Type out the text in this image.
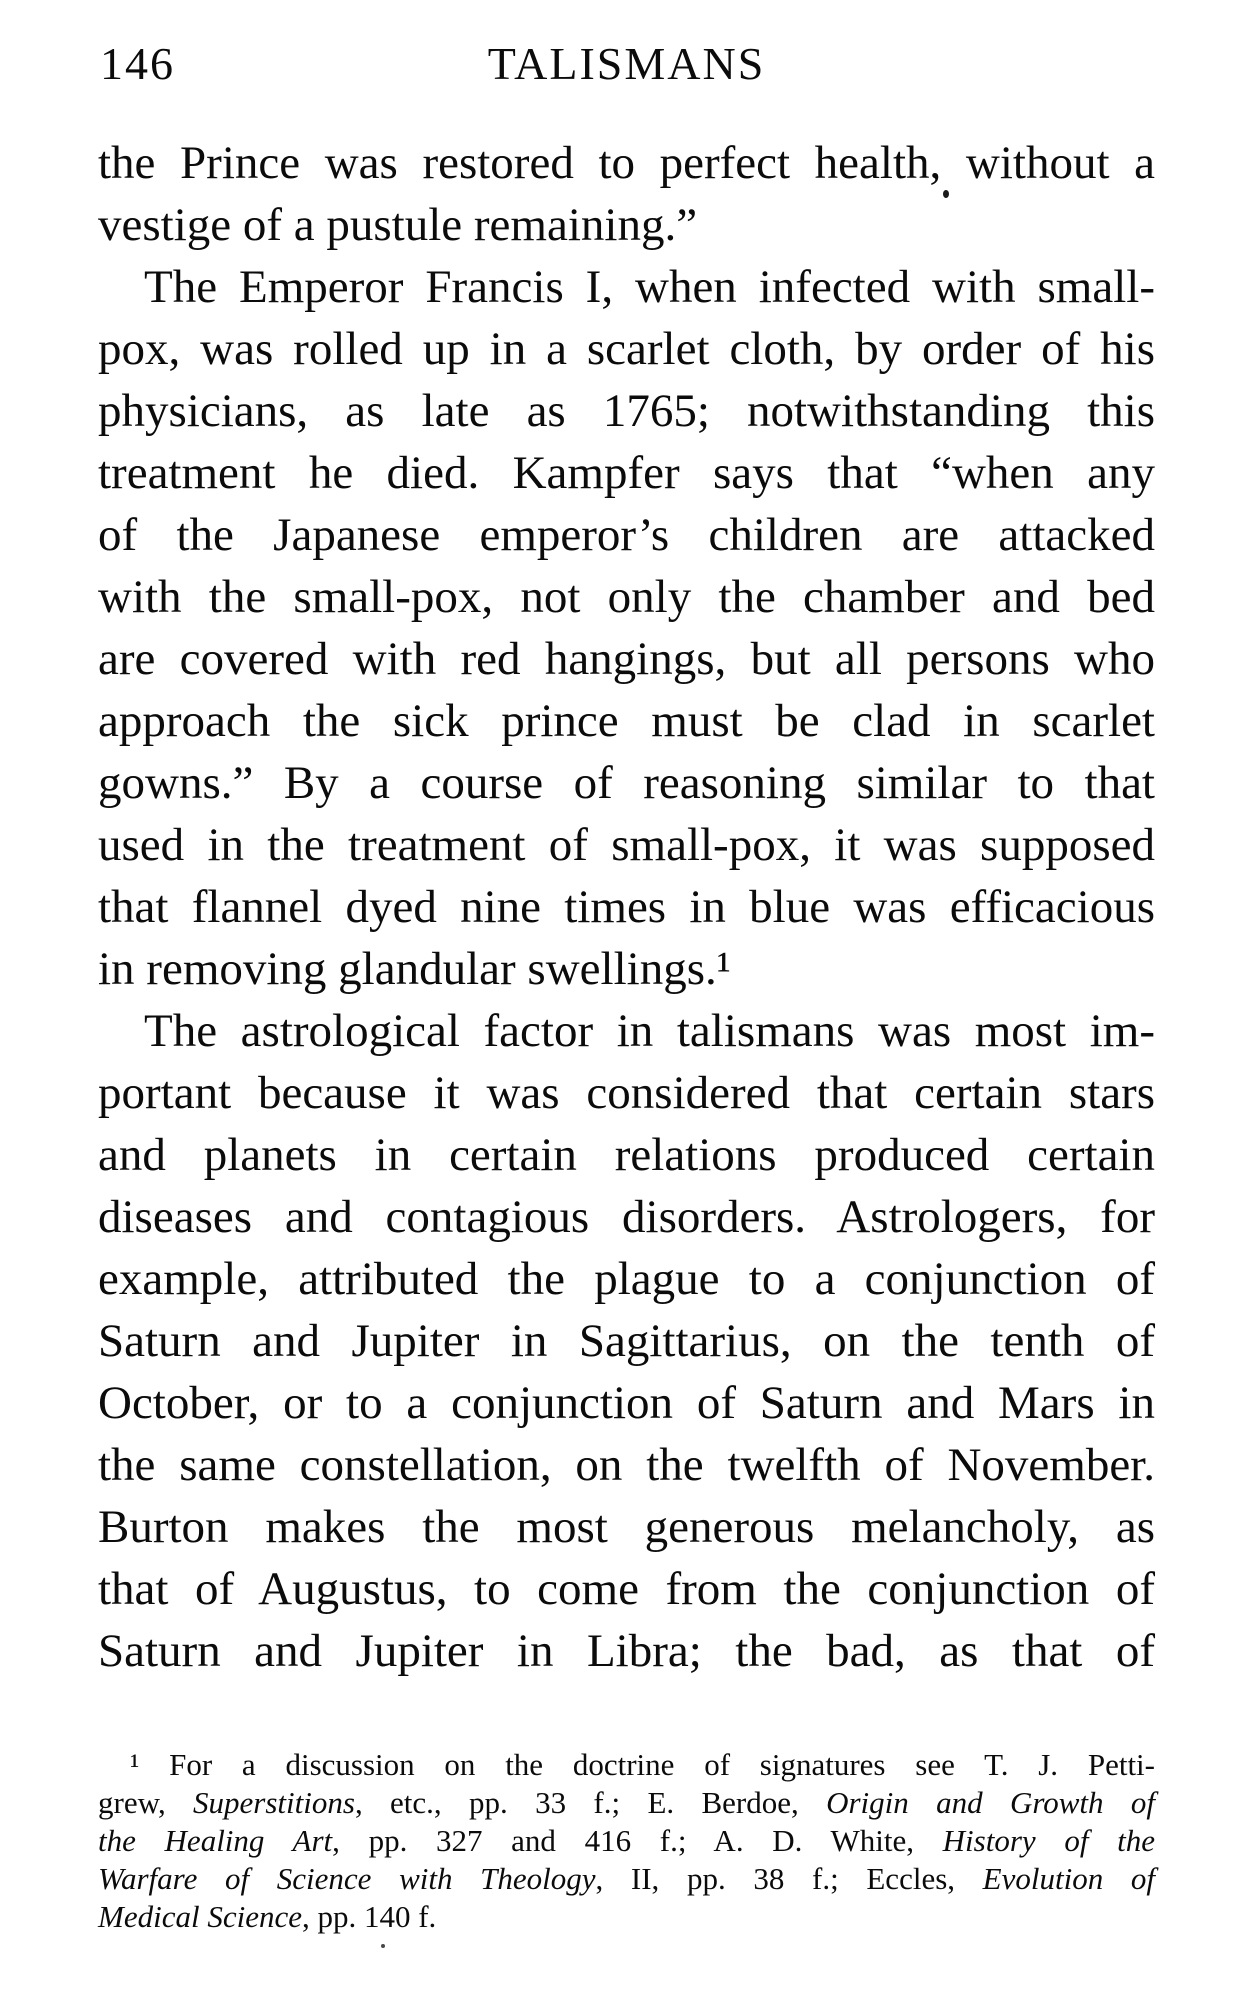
146	TALISMANS
the Prince was restored to perfect health, without a
vestige of a pustule remaining.”
The Emperor Francis I, when infected with small-
pox, was rolled up in a scarlet cloth, by order of his
physicians, as late as 1765; notwithstanding this
treatment he died. Kampfer says that “when any
of the Japanese emperor’s children are attacked
with the small-pox, not only the chamber and bed
are covered with red hangings, but all persons who
approach the sick prince must be clad in scarlet
gowns.” By a course of reasoning similar to that
used in the treatment of small-pox, it was supposed
that flannel dyed nine times in blue was efficacious
in removing glandular swellings.¹
The astrological factor in talismans was most im-
portant because it was considered that certain stars
and planets in certain relations produced certain
diseases and contagious disorders. Astrologers, for
example, attributed the plague to a conjunction of
Saturn and Jupiter in Sagittarius, on the tenth of
October, or to a conjunction of Saturn and Mars in
the same constellation, on the twelfth of November.
Burton makes the most generous melancholy, as
that of Augustus, to come from the conjunction of
Saturn and Jupiter in Libra; the bad, as that of
¹ For a discussion on the doctrine of signatures see T. J. Petti-
grew, Superstitions, etc., pp. 33 f.; E. Berdoe, Origin and Growth of
the Healing Art, pp. 327 and 416 f.; A. D. White, History of the
Warfare of Science with Theology, II, pp. 38 f.; Eccles, Evolution of
Medical Science, pp. 140 f.
